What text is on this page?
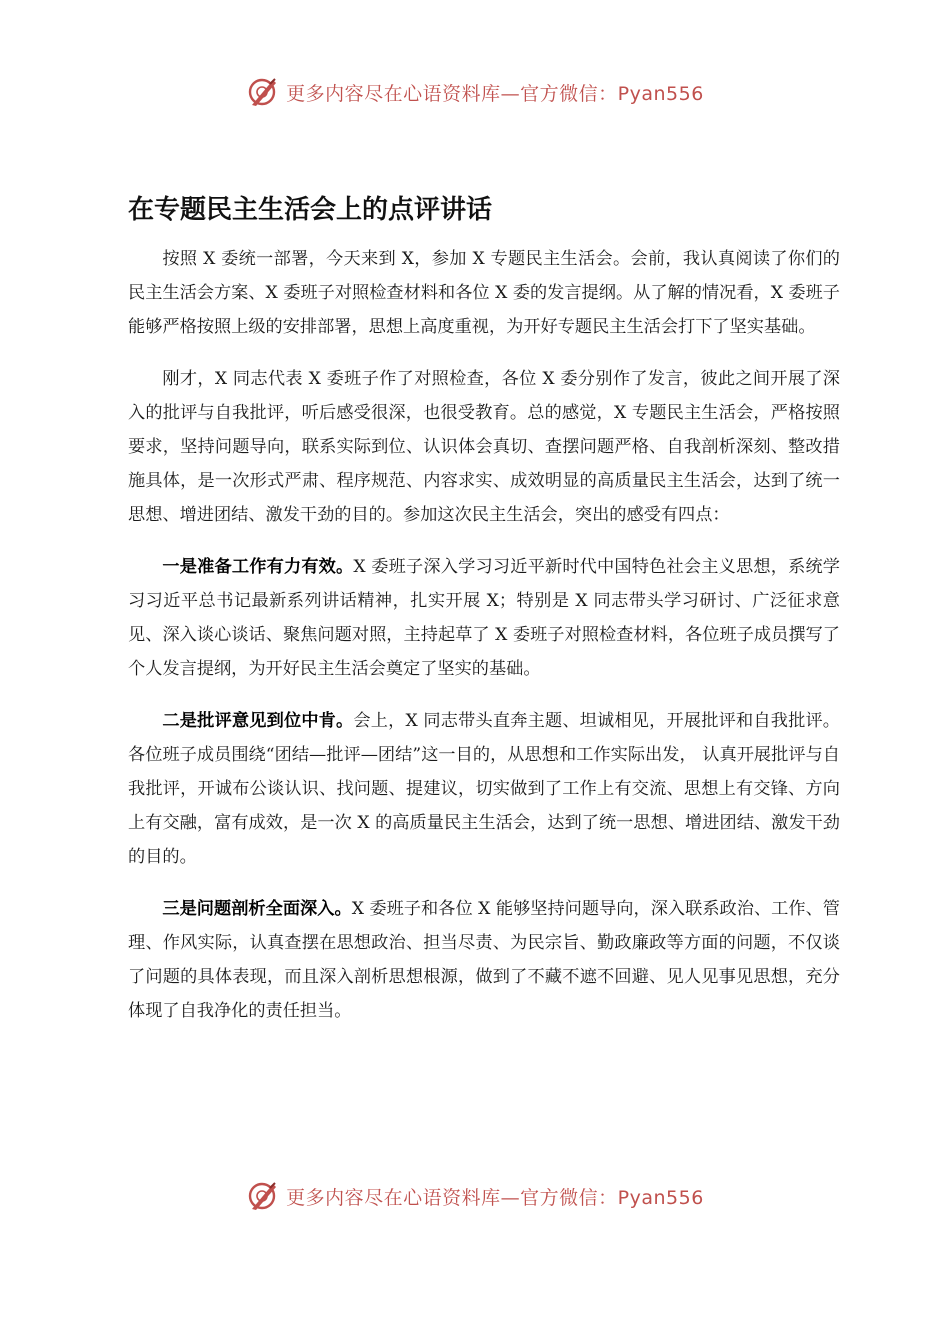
更多内容尽在心语资料库—官方微信：Pyan556
在专题民主生活会上的点评讲话

按照 X 委统一部署，今天来到 X，参加 X 专题民主生活会。会前，我认真阅读了你们的民主生活会方案、X 委班子对照检查材料和各位 X 委的发言提纲。从了解的情况看，X 委班子能够严格按照上级的安排部署，思想上高度重视，为开好专题民主生活会打下了坚实基础。

刚才，X 同志代表 X 委班子作了对照检查，各位 X 委分别作了发言，彼此之间开展了深入的批评与自我批评，听后感受很深，也很受教育。总的感觉，X 专题民主生活会，严格按照要求，坚持问题导向，联系实际到位、认识体会真切、查摆问题严格、自我剖析深刻、整改措施具体，是一次形式严肃、程序规范、内容求实、成效明显的高质量民主生活会，达到了统一思想、增进团结、激发干劲的目的。参加这次民主生活会，突出的感受有四点：

一是准备工作有力有效。X 委班子深入学习习近平新时代中国特色社会主义思想，系统学习习近平总书记最新系列讲话精神，扎实开展 X；特别是 X 同志带头学习研讨、广泛征求意见、深入谈心谈话、聚焦问题对照，主持起草了 X 委班子对照检查材料，各位班子成员撰写了个人发言提纲，为开好民主生活会奠定了坚实的基础。

二是批评意见到位中肯。会上，X 同志带头直奔主题、坦诚相见，开展批评和自我批评。各位班子成员围绕“团结—批评—团结”这一目的，从思想和工作实际出发， 认真开展批评与自我批评，开诚布公谈认识、找问题、提建议，切实做到了工作上有交流、思想上有交锋、方向上有交融，富有成效，是一次 X 的高质量民主生活会，达到了统一思想、增进团结、激发干劲的目的。

三是问题剖析全面深入。X 委班子和各位 X 能够坚持问题导向，深入联系政治、工作、管理、作风实际，认真查摆在思想政治、担当尽责、为民宗旨、勤政廉政等方面的问题，不仅谈了问题的具体表现，而且深入剖析思想根源，做到了不藏不遮不回避、见人见事见思想，充分体现了自我净化的责任担当。

更多内容尽在心语资料库—官方微信：Pyan556
